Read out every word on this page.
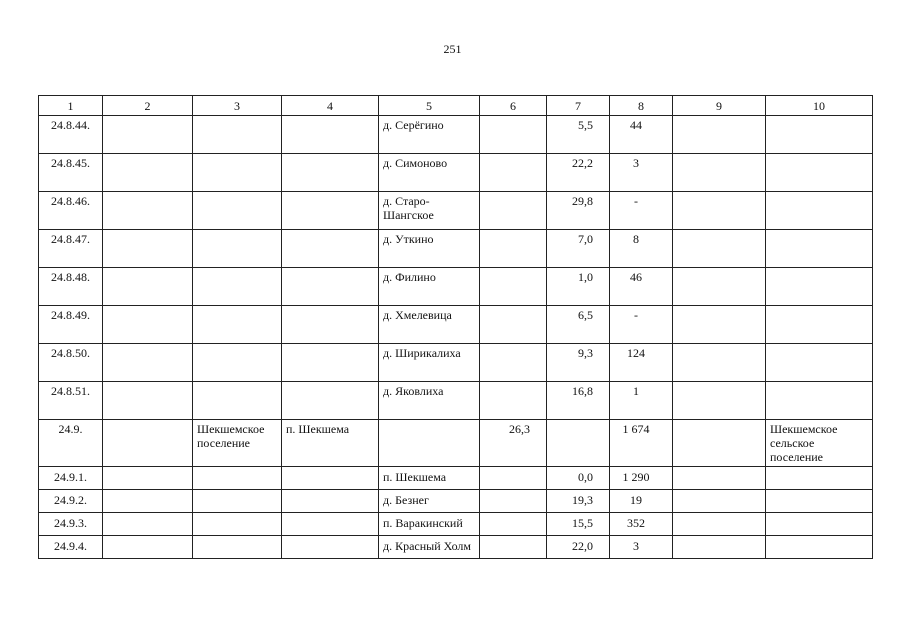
251
1	2	3	4	5	6	7	8	9	10
24.8.44.				д. Серёгино		5,5	44		
24.8.45.				д. Симоново		22,2	3		
24.8.46.				д. Старо-Шангское		29,8	-		
24.8.47.				д. Уткино		7,0	8		
24.8.48.				д. Филино		1,0	46		
24.8.49.				д. Хмелевица		6,5	-		
24.8.50.				д. Ширикалиха		9,3	124		
24.8.51.				д. Яковлиха		16,8	1		
24.9.		Шекшемское поселение	п. Шекшема		26,3		1 674		Шекшемское сельское поселение
24.9.1.				п. Шекшема		0,0	1 290		
24.9.2.				д. Безнег		19,3	19		
24.9.3.				п. Варакинский		15,5	352		
24.9.4.				д. Красный Холм		22,0	3		
